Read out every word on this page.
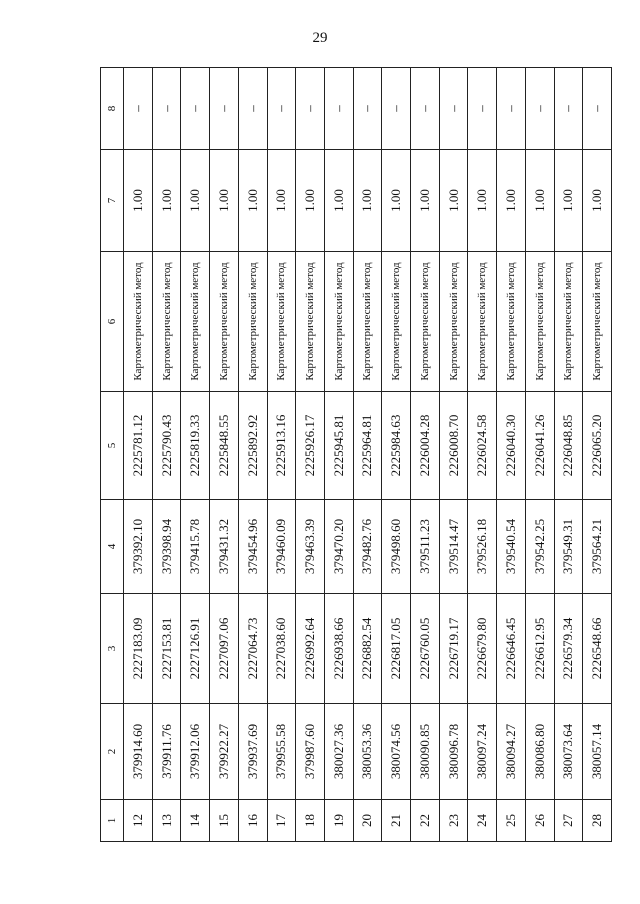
29
1	2	3	4	5	6	7	8
12	379914.60	2227183.09	379392.10	2225781.12	Картометрический метод	1.00	–
13	379911.76	2227153.81	379398.94	2225790.43	Картометрический метод	1.00	–
14	379912.06	2227126.91	379415.78	2225819.33	Картометрический метод	1.00	–
15	379922.27	2227097.06	379431.32	2225848.55	Картометрический метод	1.00	–
16	379937.69	2227064.73	379454.96	2225892.92	Картометрический метод	1.00	–
17	379955.58	2227038.60	379460.09	2225913.16	Картометрический метод	1.00	–
18	379987.60	2226992.64	379463.39	2225926.17	Картометрический метод	1.00	–
19	380027.36	2226938.66	379470.20	2225945.81	Картометрический метод	1.00	–
20	380053.36	2226882.54	379482.76	2225964.81	Картометрический метод	1.00	–
21	380074.56	2226817.05	379498.60	2225984.63	Картометрический метод	1.00	–
22	380090.85	2226760.05	379511.23	2226004.28	Картометрический метод	1.00	–
23	380096.78	2226719.17	379514.47	2226008.70	Картометрический метод	1.00	–
24	380097.24	2226679.80	379526.18	2226024.58	Картометрический метод	1.00	–
25	380094.27	2226646.45	379540.54	2226040.30	Картометрический метод	1.00	–
26	380086.80	2226612.95	379542.25	2226041.26	Картометрический метод	1.00	–
27	380073.64	2226579.34	379549.31	2226048.85	Картометрический метод	1.00	–
28	380057.14	2226548.66	379564.21	2226065.20	Картометрический метод	1.00	–
